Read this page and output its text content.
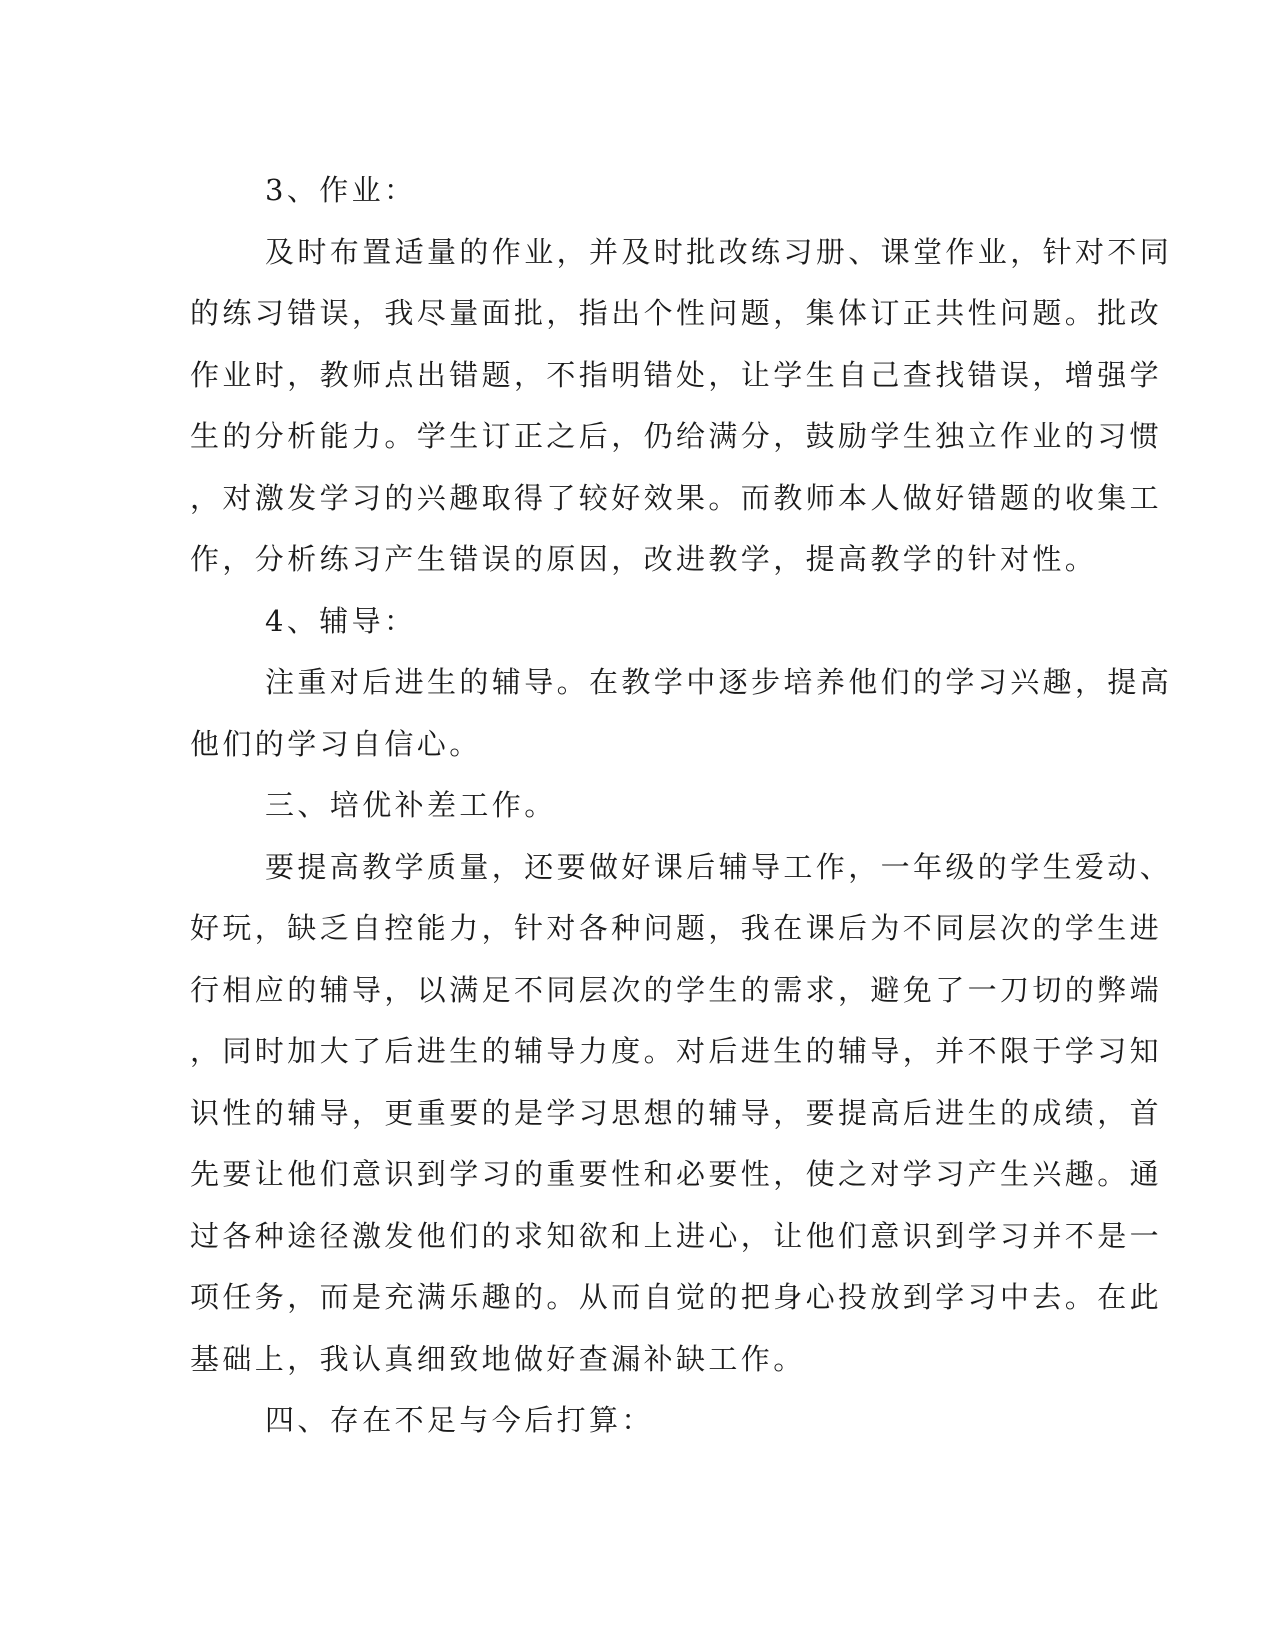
3、作业：
及时布置适量的作业，并及时批改练习册、课堂作业，针对不同
的练习错误，我尽量面批，指出个性问题，集体订正共性问题。批改
作业时，教师点出错题，不指明错处，让学生自己查找错误，增强学
生的分析能力。学生订正之后，仍给满分，鼓励学生独立作业的习惯
，对激发学习的兴趣取得了较好效果。而教师本人做好错题的收集工
作，分析练习产生错误的原因，改进教学，提高教学的针对性。
4、辅导：
注重对后进生的辅导。在教学中逐步培养他们的学习兴趣，提高
他们的学习自信心。
三、培优补差工作。
要提高教学质量，还要做好课后辅导工作，一年级的学生爱动、
好玩，缺乏自控能力，针对各种问题，我在课后为不同层次的学生进
行相应的辅导，以满足不同层次的学生的需求，避免了一刀切的弊端
，同时加大了后进生的辅导力度。对后进生的辅导，并不限于学习知
识性的辅导，更重要的是学习思想的辅导，要提高后进生的成绩，首
先要让他们意识到学习的重要性和必要性，使之对学习产生兴趣。通
过各种途径激发他们的求知欲和上进心，让他们意识到学习并不是一
项任务，而是充满乐趣的。从而自觉的把身心投放到学习中去。在此
基础上，我认真细致地做好查漏补缺工作。
四、存在不足与今后打算：
